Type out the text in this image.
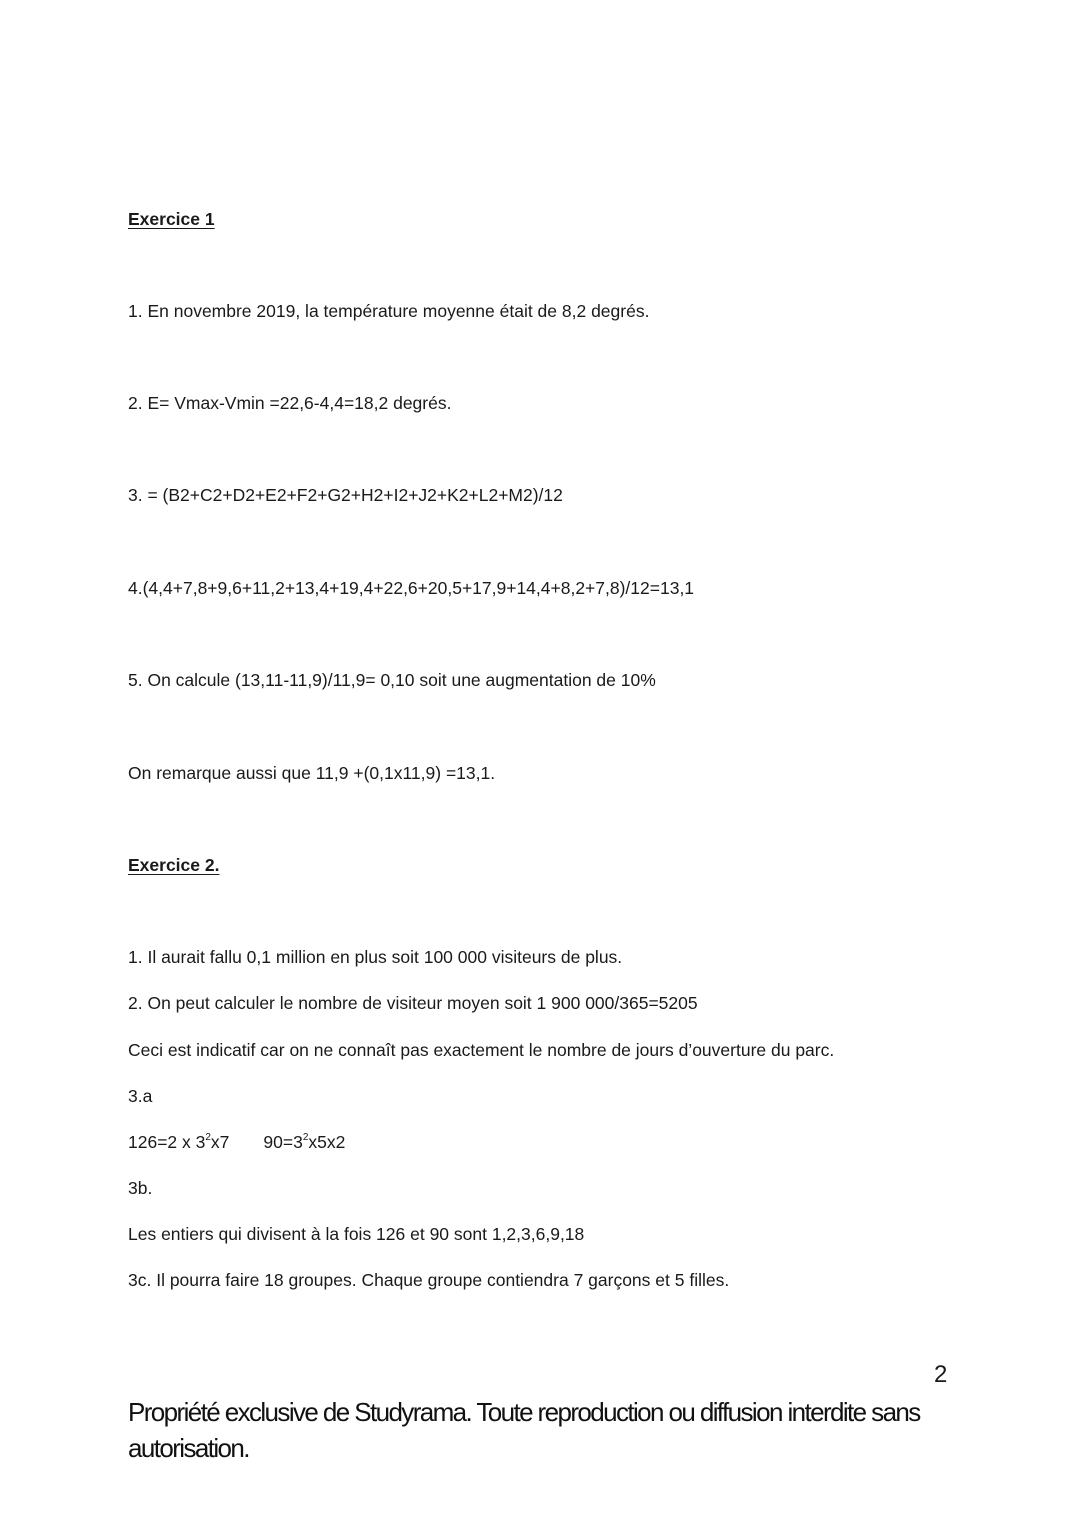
Exercice 1
1. En novembre 2019, la température moyenne était de 8,2 degrés.
2. E= Vmax-Vmin =22,6-4,4=18,2 degrés.
3. = (B2+C2+D2+E2+F2+G2+H2+I2+J2+K2+L2+M2)/12
4.(4,4+7,8+9,6+11,2+13,4+19,4+22,6+20,5+17,9+14,4+8,2+7,8)/12=13,1
5. On calcule (13,11-11,9)/11,9= 0,10 soit une augmentation de 10%
On remarque aussi que 11,9 +(0,1x11,9) =13,1.
Exercice 2.
1. Il aurait fallu 0,1 million en plus soit 100 000 visiteurs de plus.
2. On peut calculer le nombre de visiteur moyen soit 1 900 000/365=5205
Ceci est indicatif car on ne connaît pas exactement le nombre de jours d’ouverture du parc.
3.a
126=2 x $3^2x7$ $90=3^2x5x2$
3b.
Les entiers qui divisent à la fois 126 et 90 sont 1,2,3,6,9,18
3c. Il pourra faire 18 groupes. Chaque groupe contiendra 7 garçons et 5 filles.
2
Propriété exclusive de Studyrama. Toute reproduction ou diffusion interdite sans
autorisation.
